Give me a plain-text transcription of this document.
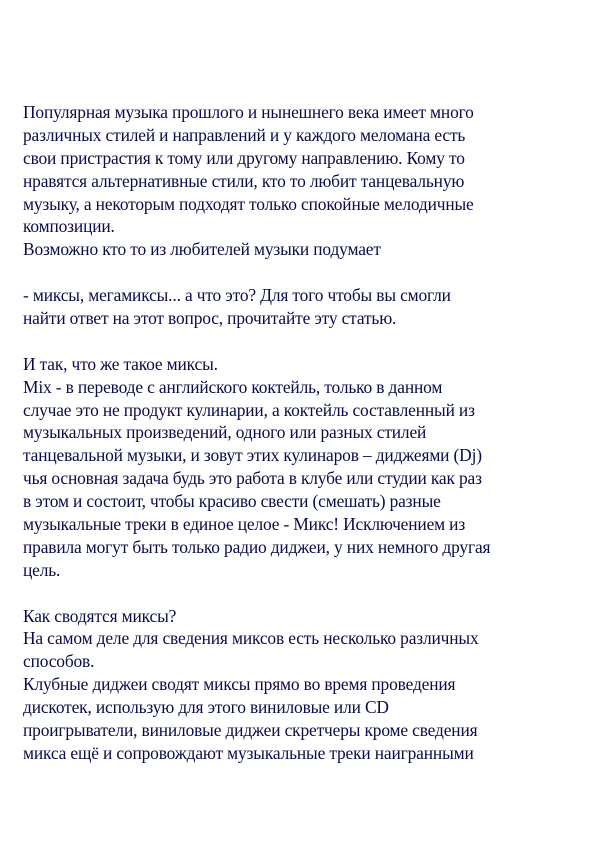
Популярная музыка прошлого и нынешнего века имеет много
различных стилей и направлений и у каждого меломана есть
свои пристрастия к тому или другому направлению. Кому то
нравятся альтернативные стили, кто то любит танцевальную
музыку, а некоторым подходят только спокойные мелодичные
композиции.
Возможно кто то из любителей музыки подумает
- миксы, мегамиксы... а что это? Для того чтобы вы смогли
найти ответ на этот вопрос, прочитайте эту статью.
И так, что же такое миксы.
Mix - в переводе с английского коктейль, только в данном
случае это не продукт кулинарии, а коктейль составленный из
музыкальных произведений, одного или разных стилей
танцевальной музыки, и зовут этих кулинаров – диджеями (Dj)
чья основная задача будь это работа в клубе или студии как раз
в этом и состоит, чтобы красиво свести (смешать) разные
музыкальные треки в единое целое - Микс! Исключением из
правила могут быть только радио диджеи, у них немного другая
цель.
Как сводятся миксы?
На самом деле для сведения миксов есть несколько различных
способов.
Клубные диджеи сводят миксы прямо во время проведения
дискотек, использую для этого виниловые или CD
проигрыватели, виниловые диджеи скретчеры кроме сведения
микса ещё и сопровождают музыкальные треки наигранными
